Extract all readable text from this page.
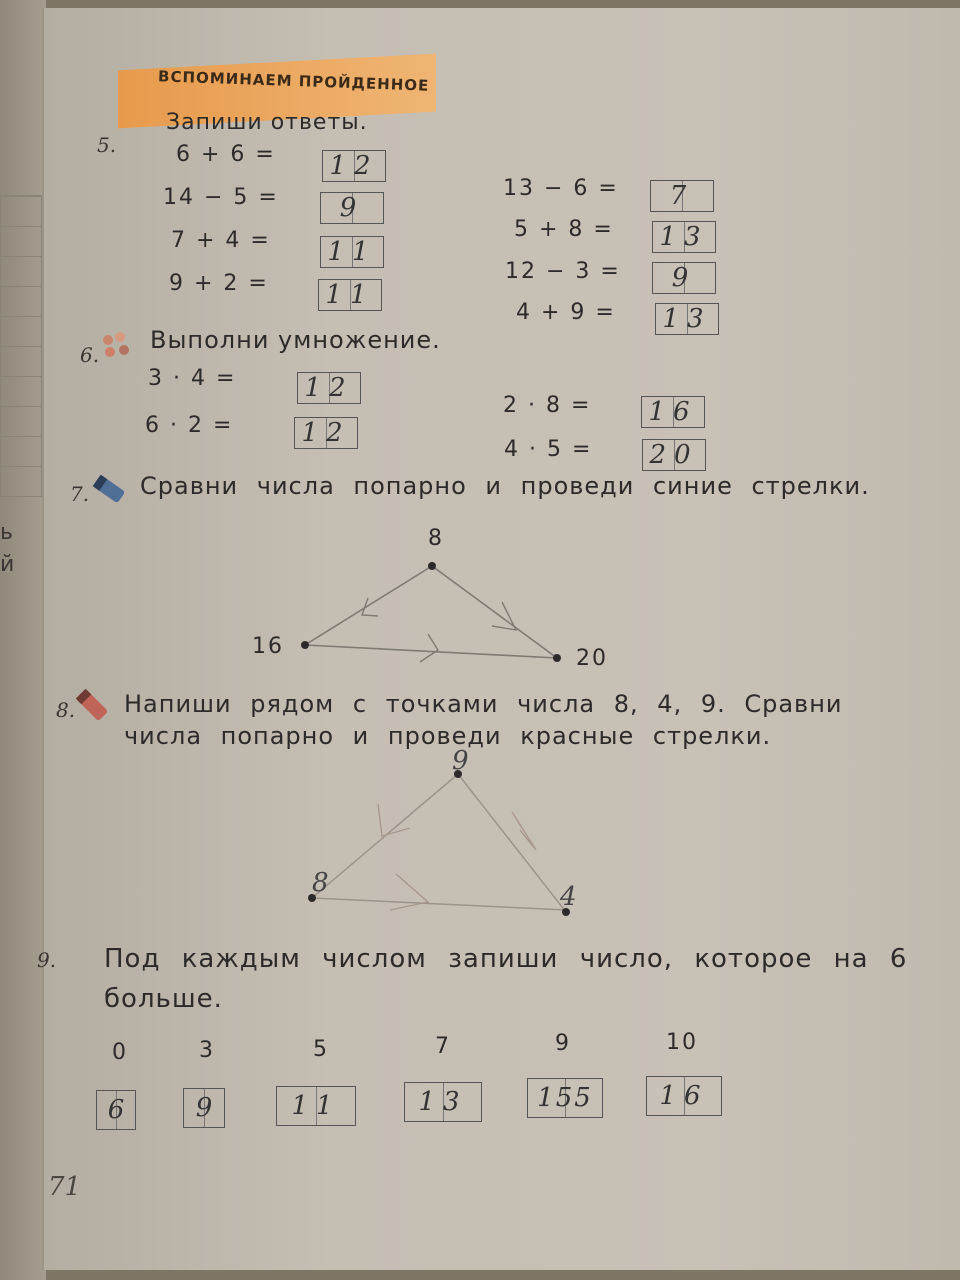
ь
й
ВСПОМИНАЕМ ПРОЙДЕННОЕ
5.
Запиши ответы.
6 + 6 = 12
14 − 5 = 9
7 + 4 = 11
9 + 2 = 11
13 − 6 = 7
5 + 8 = 13
12 − 3 = 9
4 + 9 = 13
6.
Выполни умножение.
3 · 4 =	12
6 · 2 =	12
2 · 8 = 16
4 · 5 = 20
7. Сравни числа попарно и проведи синие стрелки.
8
16	20
8. Напиши рядом с точками числа 8, 4, 9. Сравни
числа попарно и проведи красные стрелки.
9
8	4
9. Под каждым числом запиши число, которое на 6
больше.
0	3	5	7	9	10
6	9	11	13	155	16
71
